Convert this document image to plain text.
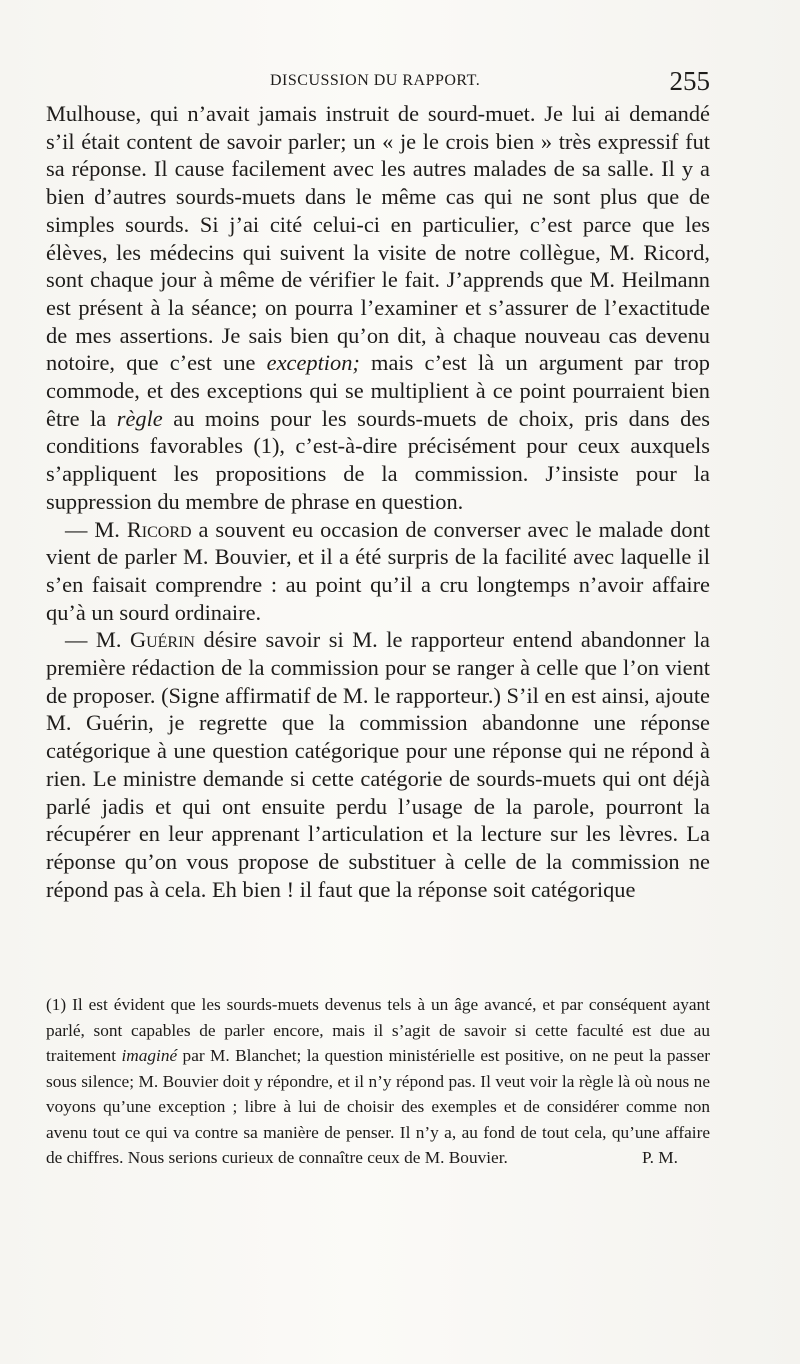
DISCUSSION DU RAPPORT.	255

Mulhouse, qui n’avait jamais instruit de sourd-muet. Je lui ai demandé s’il était content de savoir parler; un « je le crois bien » très expressif fut sa réponse. Il cause facilement avec les autres malades de sa salle. Il y a bien d’autres sourds-muets dans le même cas qui ne sont plus que de simples sourds. Si j’ai cité celui-ci en particulier, c’est parce que les élèves, les médecins qui suivent la visite de notre collègue, M. Ricord, sont chaque jour à même de vérifier le fait. J’apprends que M. Heilmann est présent à la séance; on pourra l’examiner et s’assurer de l’exactitude de mes assertions. Je sais bien qu’on dit, à chaque nouveau cas devenu notoire, que c’est une exception; mais c’est là un argument par trop commode, et des exceptions qui se multiplient à ce point pourraient bien être la règle au moins pour les sourds-muets de choix, pris dans des conditions favorables (1), c’est-à-dire précisément pour ceux auxquels s’appliquent les propositions de la commission. J’insiste pour la suppression du membre de phrase en question.

— M. Ricord a souvent eu occasion de converser avec le malade dont vient de parler M. Bouvier, et il a été surpris de la facilité avec laquelle il s’en faisait comprendre : au point qu’il a cru longtemps n’avoir affaire qu’à un sourd ordinaire.

— M. Guérin désire savoir si M. le rapporteur entend abandonner la première rédaction de la commission pour se ranger à celle que l’on vient de proposer. (Signe affirmatif de M. le rapporteur.) S’il en est ainsi, ajoute M. Guérin, je regrette que la commission abandonne une réponse catégorique à une question catégorique pour une réponse qui ne répond à rien. Le ministre demande si cette catégorie de sourds-muets qui ont déjà parlé jadis et qui ont ensuite perdu l’usage de la parole, pourront la récupérer en leur apprenant l’articulation et la lecture sur les lèvres. La réponse qu’on vous propose de substituer à celle de la commission ne répond pas à cela. Eh bien ! il faut que la réponse soit catégorique

(1) Il est évident que les sourds-muets devenus tels à un âge avancé, et par conséquent ayant parlé, sont capables de parler encore, mais il s’agit de savoir si cette faculté est due au traitement imaginé par M. Blanchet; la question ministérielle est positive, on ne peut la passer sous silence; M. Bouvier doit y répondre, et il n’y répond pas. Il veut voir la règle là où nous ne voyons qu’une exception ; libre à lui de choisir des exemples et de considérer comme non avenu tout ce qui va contre sa manière de penser. Il n’y a, au fond de tout cela, qu’une affaire de chiffres. Nous serions curieux de connaître ceux de M. Bouvier.	P. M.
